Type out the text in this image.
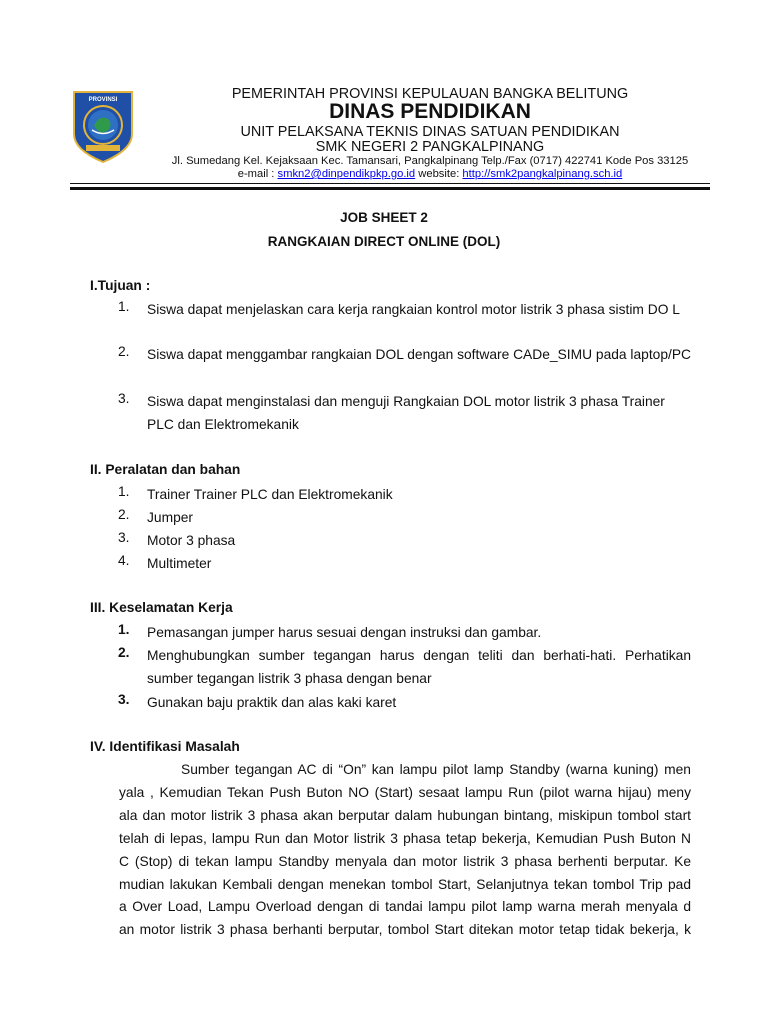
PROVINSI	PEMERINTAH PROVINSI KEPULAUAN BANGKA BELITUNG
DINAS PENDIDIKAN
UNIT PELAKSANA TEKNIS DINAS SATUAN PENDIDIKAN
SMK NEGERI 2 PANGKALPINANG
Jl. Sumedang Kel. Kejaksaan Kec. Tamansari, Pangkalpinang Telp./Fax (0717) 422741 Kode Pos 33125
e-mail : smkn2@dinpendikpkp.go.id website: http://smk2pangkalpinang.sch.id
JOB SHEET 2
RANGKAIAN DIRECT ONLINE (DOL)
I.Tujuan :
1. Siswa dapat menjelaskan cara kerja rangkaian kontrol motor listrik 3 phasa sistim DO L
2. Siswa dapat menggambar rangkaian DOL dengan software CADe_SIMU pada laptop/PC
3. Siswa dapat menginstalasi dan menguji Rangkaian DOL motor listrik 3 phasa Trainer PLC dan Elektromekanik
II. Peralatan dan bahan
1. Trainer Trainer PLC dan Elektromekanik
2. Jumper
3. Motor 3 phasa
4. Multimeter
III. Keselamatan Kerja
1. Pemasangan jumper harus sesuai dengan instruksi dan gambar.
2. Menghubungkan sumber tegangan harus dengan teliti dan berhati-hati. Perhatikan sumber tegangan listrik 3 phasa dengan benar
3. Gunakan baju praktik dan alas kaki karet
IV. Identifikasi Masalah
Sumber tegangan AC di “On” kan lampu pilot lamp Standby (warna kuning) men
yala , Kemudian Tekan Push Buton NO (Start) sesaat lampu Run (pilot warna hijau) meny
ala dan motor listrik 3 phasa akan berputar dalam hubungan bintang, miskipun tombol start
telah di lepas, lampu Run dan Motor listrik 3 phasa tetap bekerja, Kemudian Push Buton N
C (Stop) di tekan lampu Standby menyala dan motor listrik 3 phasa berhenti berputar. Ke
mudian lakukan Kembali dengan menekan tombol Start, Selanjutnya tekan tombol Trip pad
a Over Load, Lampu Overload dengan di tandai lampu pilot lamp warna merah menyala d
an motor listrik 3 phasa berhanti berputar, tombol Start ditekan motor tetap tidak bekerja, k
